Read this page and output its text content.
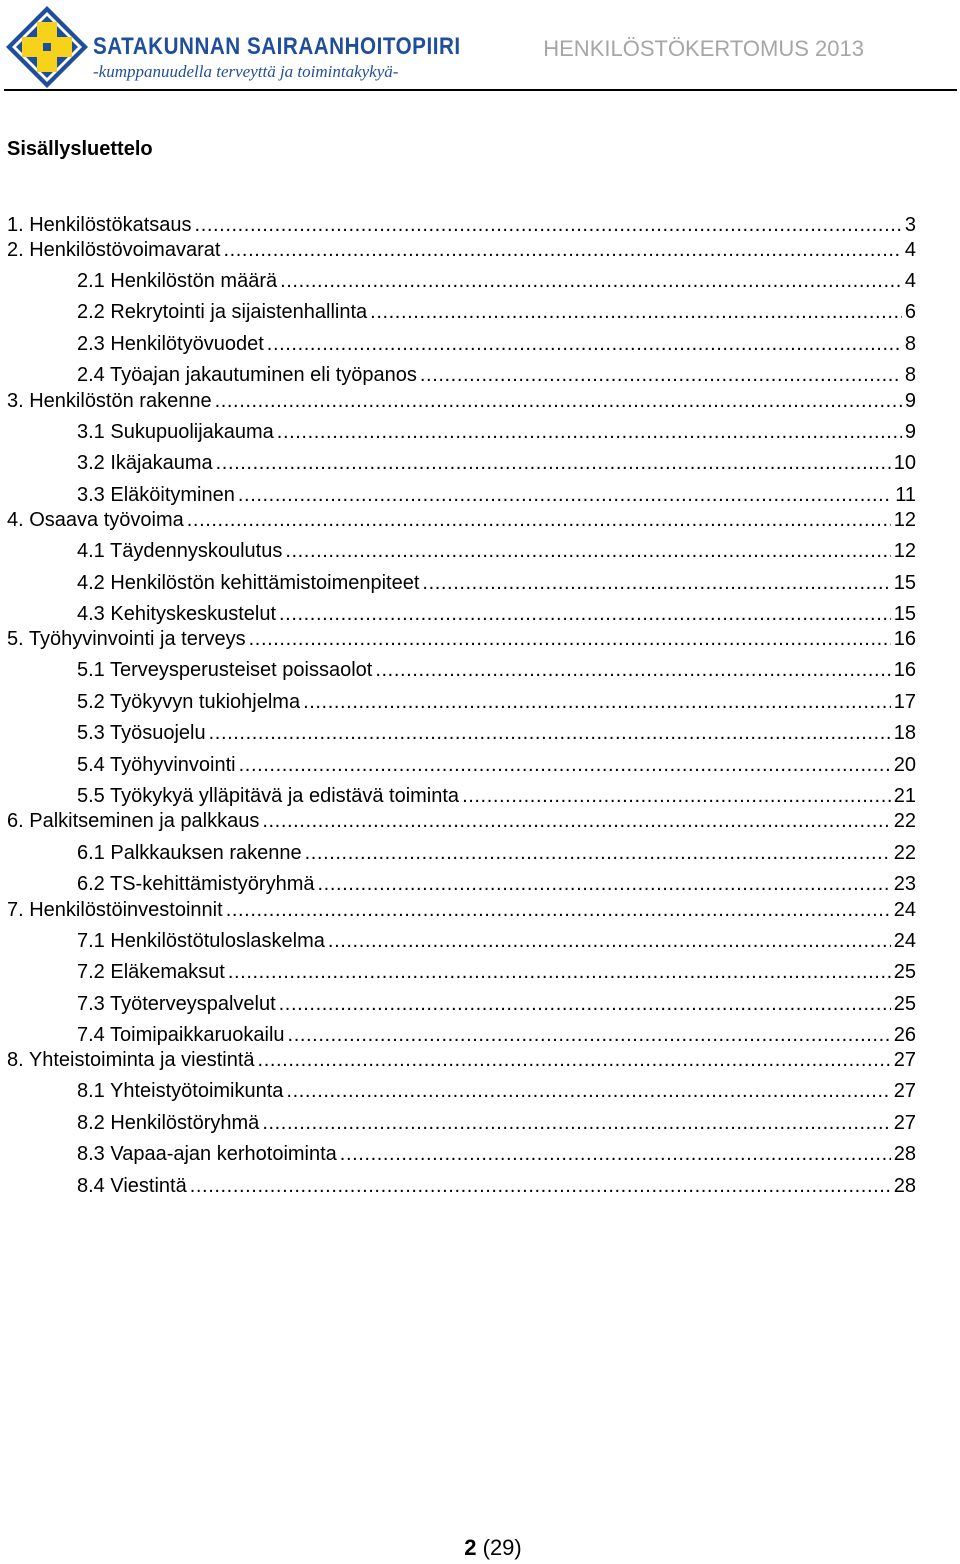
SATAKUNNAN SAIRAANHOITOPIIRI
-kumppanuudella terveyttä ja toimintakykyä-
HENKILÖSTÖKERTOMUS 2013
Sisällysluettelo
1. Henkilöstökatsaus .....	3
2. Henkilöstövoimavarat .....	4
2.1 Henkilöstön määrä .....	4
2.2 Rekrytointi ja sijaistenhallinta .....	6
2.3 Henkilötyövuodet .....	8
2.4 Työajan jakautuminen eli työpanos .....	8
3. Henkilöstön rakenne .....	9
3.1 Sukupuolijakauma .....	9
3.2 Ikäjakauma .....	10
3.3 Eläköityminen .....	11
4. Osaava työvoima .....	12
4.1 Täydennyskoulutus .....	12
4.2 Henkilöstön kehittämistoimenpiteet .....	15
4.3 Kehityskeskustelut .....	15
5. Työhyvinvointi ja terveys .....	16
5.1 Terveysperusteiset poissaolot .....	16
5.2 Työkyvyn tukiohjelma .....	17
5.3 Työsuojelu .....	18
5.4 Työhyvinvointi .....	20
5.5 Työkykyä ylläpitävä ja edistävä toiminta .....	21
6. Palkitseminen ja palkkaus .....	22
6.1 Palkkauksen rakenne .....	22
6.2 TS-kehittämistyöryhmä .....	23
7. Henkilöstöinvestoinnit .....	24
7.1 Henkilöstötuloslaskelma .....	24
7.2 Eläkemaksut .....	25
7.3 Työterveyspalvelut .....	25
7.4 Toimipaikkaruokailu .....	26
8. Yhteistoiminta ja viestintä .....	27
8.1 Yhteistyötoimikunta .....	27
8.2 Henkilöstöryhmä .....	27
8.3 Vapaa-ajan kerhotoiminta .....	28
8.4 Viestintä .....	28
2 (29)
